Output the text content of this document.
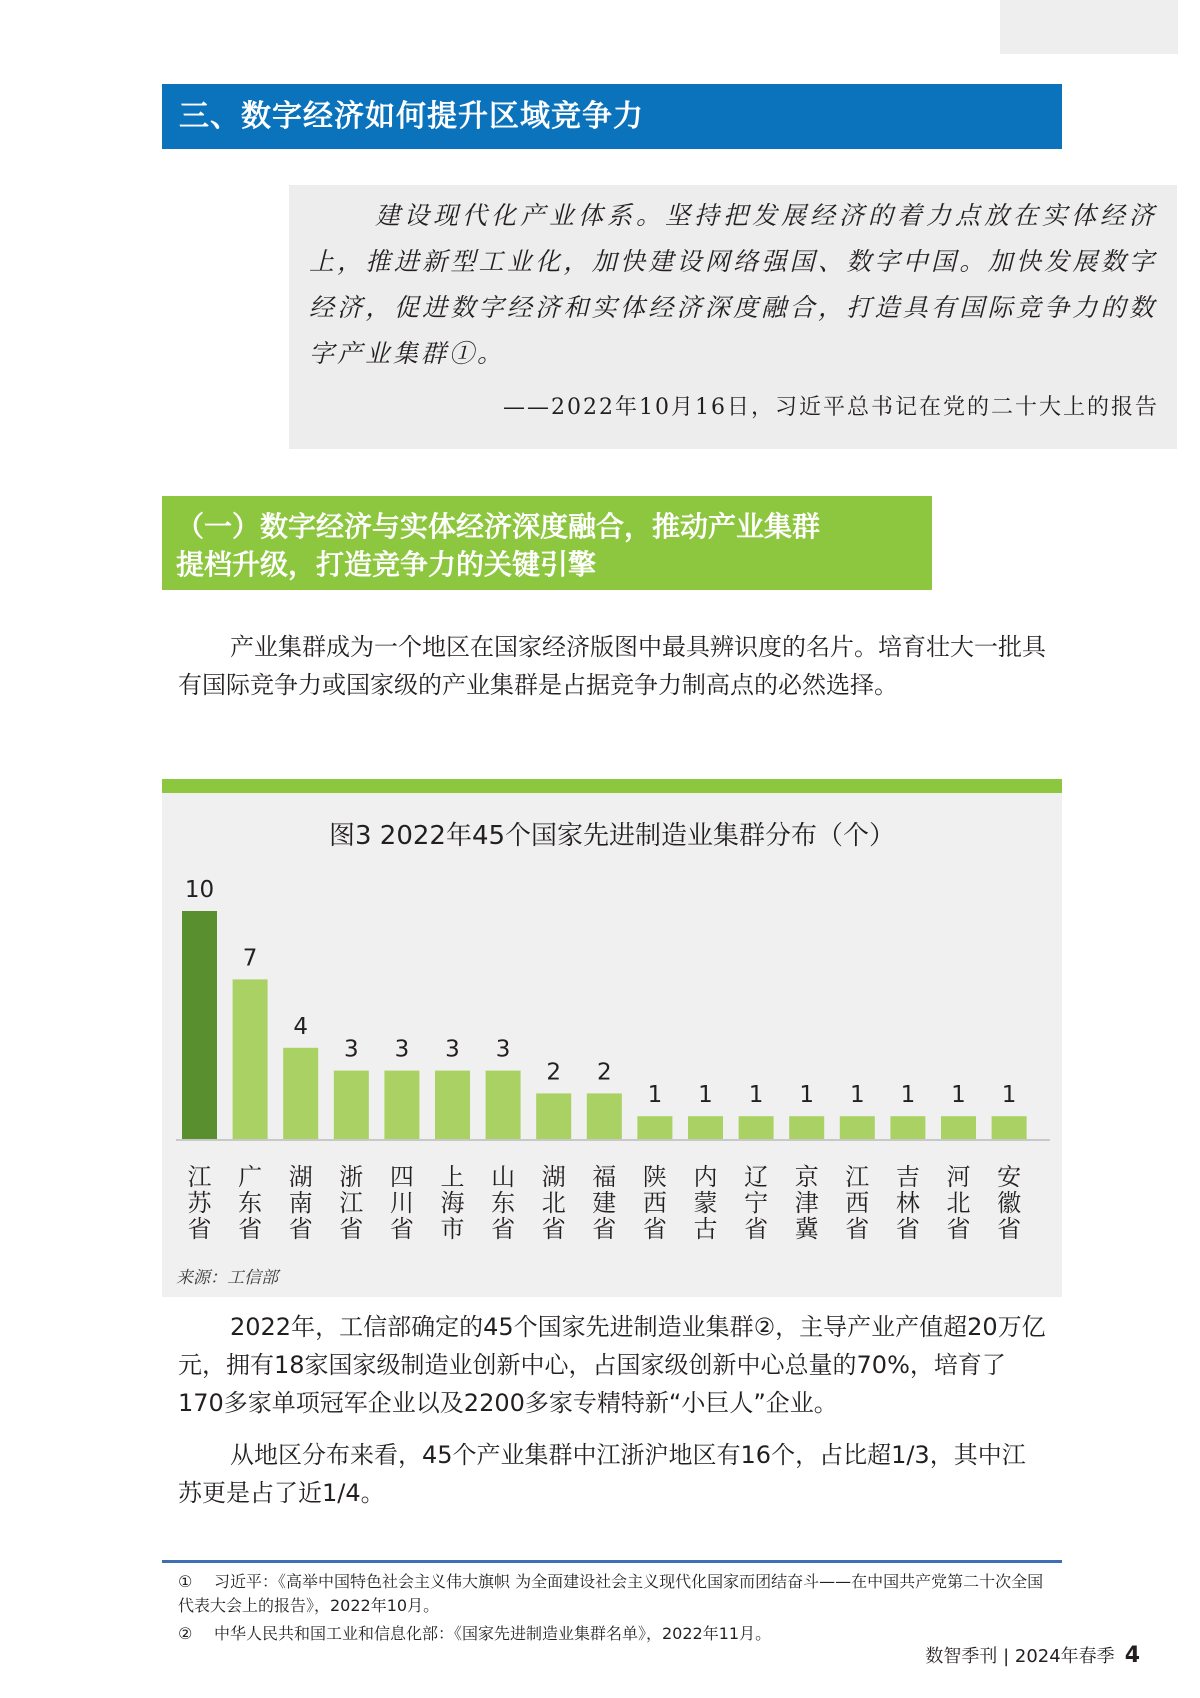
三、数字经济如何提升区域竞争力

建设现代化产业体系。坚持把发展经济的着力点放在实体经济上，推进新型工业化，加快建设网络强国、数字中国。加快发展数字经济，促进数字经济和实体经济深度融合，打造具有国际竞争力的数字产业集群①。

——2022年10月16日，习近平总书记在党的二十大上的报告
（一）数字经济与实体经济深度融合，推动产业集群
提档升级，打造竞争力的关键引擎

产业集群成为一个地区在国家经济版图中最具辨识度的名片。培育壮大一批具有国际竞争力或国家级的产业集群是占据竞争力制高点的必然选择。

图3 2022年45个国家先进制造业集群分布（个）
10
江苏省
7
广东省
4
湖南省
3
浙江省
3
四川省
3
上海市
3
山东省
2
湖北省
2
福建省
1
陕西省
1
内蒙古
1
辽宁省
1
京津冀
1
江西省
1
吉林省
1
河北省
1
安徽省
来源：工信部

2022年，工信部确定的45个国家先进制造业集群②，主导产业产值超20万亿元，拥有18家国家级制造业创新中心，占国家级创新中心总量的70%，培育了170多家单项冠军企业以及2200多家专精特新“小巨人”企业。

从地区分布来看，45个产业集群中江浙沪地区有16个，占比超1/3，其中江苏更是占了近1/4。

① 习近平：《高举中国特色社会主义伟大旗帜 为全面建设社会主义现代化国家而团结奋斗——在中国共产党第二十次全国代表大会上的报告》，2022年10月。

② 中华人民共和国工业和信息化部：《国家先进制造业集群名单》，2022年11月。

数智季刊 | 2024年春季 4
